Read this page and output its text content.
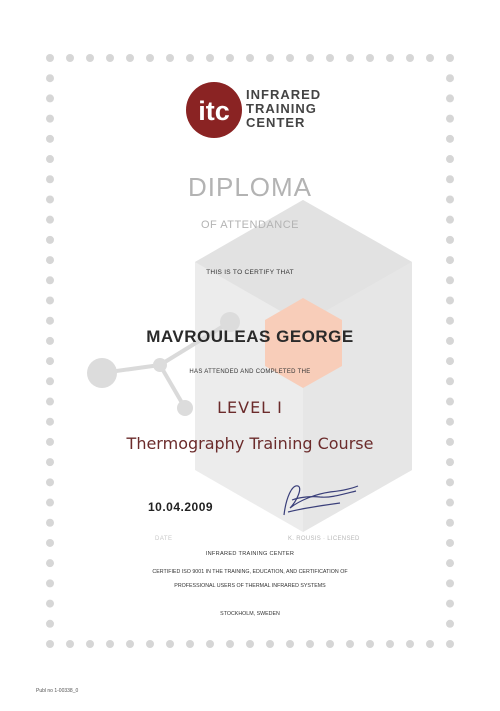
itc
INFRARED
TRAINING
CENTER
DIPLOMA
OF ATTENDANCE
THIS IS TO CERTIFY THAT
MAVROULEAS GEORGE
HAS ATTENDED AND COMPLETED THE
LEVEL I
Thermography Training Course
10.04.2009
DATE	K. ROUSIS · LICENSED
INFRARED TRAINING CENTER
CERTIFIED ISO 9001 IN THE TRAINING, EDUCATION, AND CERTIFICATION OF
PROFESSIONAL USERS OF THERMAL INFRARED SYSTEMS
STOCKHOLM, SWEDEN
Publ no 1-00338_0
